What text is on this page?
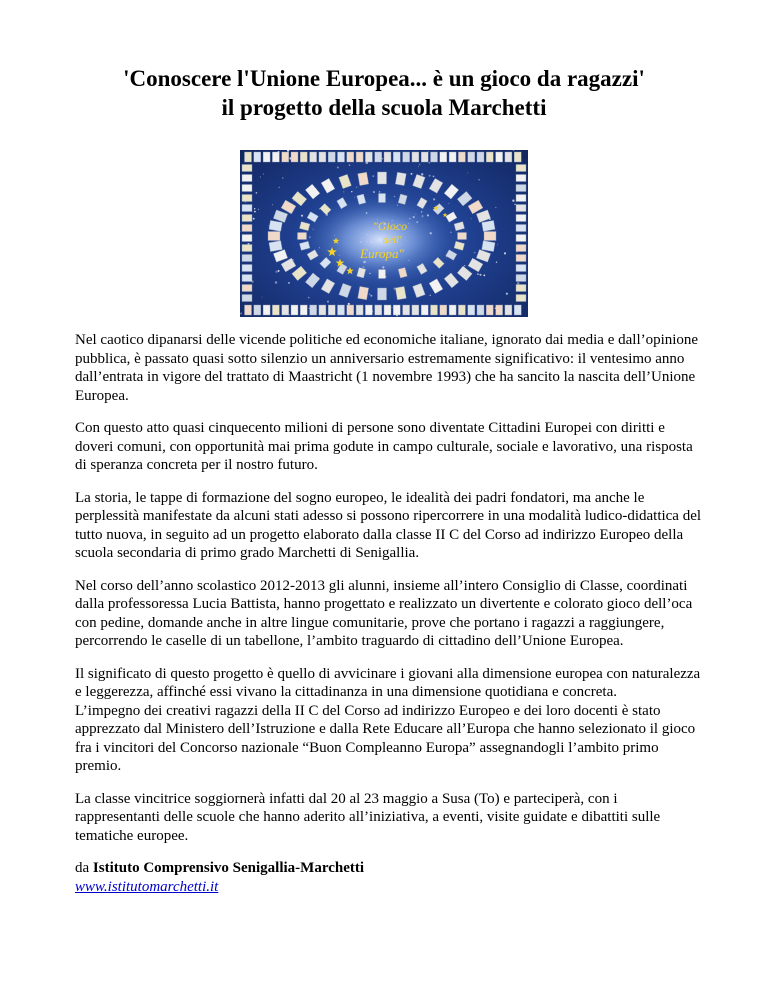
'Conoscere l'Unione Europea... è un gioco da ragazzi'
il progetto della scuola Marchetti
"Gioco
dell'
Europa"

Nel caotico dipanarsi delle vicende politiche ed economiche italiane, ignorato dai media e dall’opinione pubblica, è passato quasi sotto silenzio un anniversario estremamente significativo: il ventesimo anno dall’entrata in vigore del trattato di Maastricht (1 novembre 1993) che ha sancito la nascita dell’Unione Europea.

Con questo atto quasi cinquecento milioni di persone sono diventate Cittadini Europei con diritti e doveri comuni, con opportunità mai prima godute in campo culturale, sociale e lavorativo, una risposta di speranza concreta per il nostro futuro.

La storia, le tappe di formazione del sogno europeo, le idealità dei padri fondatori, ma anche le perplessità manifestate da alcuni stati adesso si possono ripercorrere in una modalità ludico-didattica del tutto nuova, in seguito ad un progetto elaborato dalla classe II C del Corso ad indirizzo Europeo della scuola secondaria di primo grado Marchetti di Senigallia.

Nel corso dell’anno scolastico 2012-2013 gli alunni, insieme all’intero Consiglio di Classe, coordinati dalla professoressa Lucia Battista, hanno progettato e realizzato un divertente e colorato gioco dell’oca con pedine, domande anche in altre lingue comunitarie, prove che portano i ragazzi a raggiungere, percorrendo le caselle di un tabellone, l’ambito traguardo di cittadino dell’Unione Europea.

Il significato di questo progetto è quello di avvicinare i giovani alla dimensione europea con naturalezza e leggerezza, affinché essi vivano la cittadinanza in una dimensione quotidiana e concreta.

L’impegno dei creativi ragazzi della II C del Corso ad indirizzo Europeo e dei loro docenti è stato apprezzato dal Ministero dell’Istruzione e dalla Rete Educare all’Europa che hanno selezionato il gioco fra i vincitori del Concorso nazionale “Buon Compleanno Europa” assegnandogli l’ambito primo premio.

La classe vincitrice soggiornerà infatti dal 20 al 23 maggio a Susa (To) e parteciperà, con i rappresentanti delle scuole che hanno aderito all’iniziativa, a eventi, visite guidate e dibattiti sulle tematiche europee.

da Istituto Comprensivo Senigallia-Marchetti
www.istitutomarchetti.it
